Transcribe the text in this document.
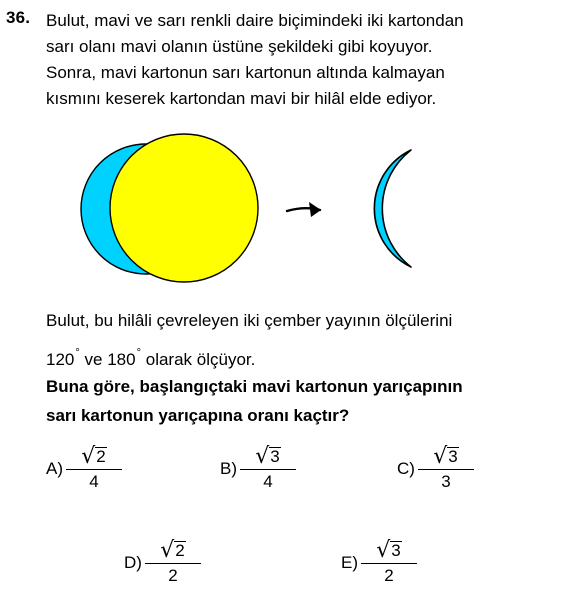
36. Bulut, mavi ve sarı renkli daire biçimindeki iki kartondan
sarı olanı mavi olanın üstüne şekildeki gibi koyuyor.
Sonra, mavi kartonun sarı kartonun altında kalmayan
kısmını keserek kartondan mavi bir hilâl elde ediyor.
Bulut, bu hilâli çevreleyen iki çember yayının ölçülerini
120° ve 180° olarak ölçüyor.
Buna göre, başlangıçtaki mavi kartonun yarıçapının
sarı kartonun yarıçapına oranı kaçtır?
$A) \frac{√ 2}{4}$	$B) \frac{√ 3}{4}$	$C) \frac{√ 3}{3}$
$D) \frac{√ 2}{2}$	$E) \frac{√ 3}{2}$
